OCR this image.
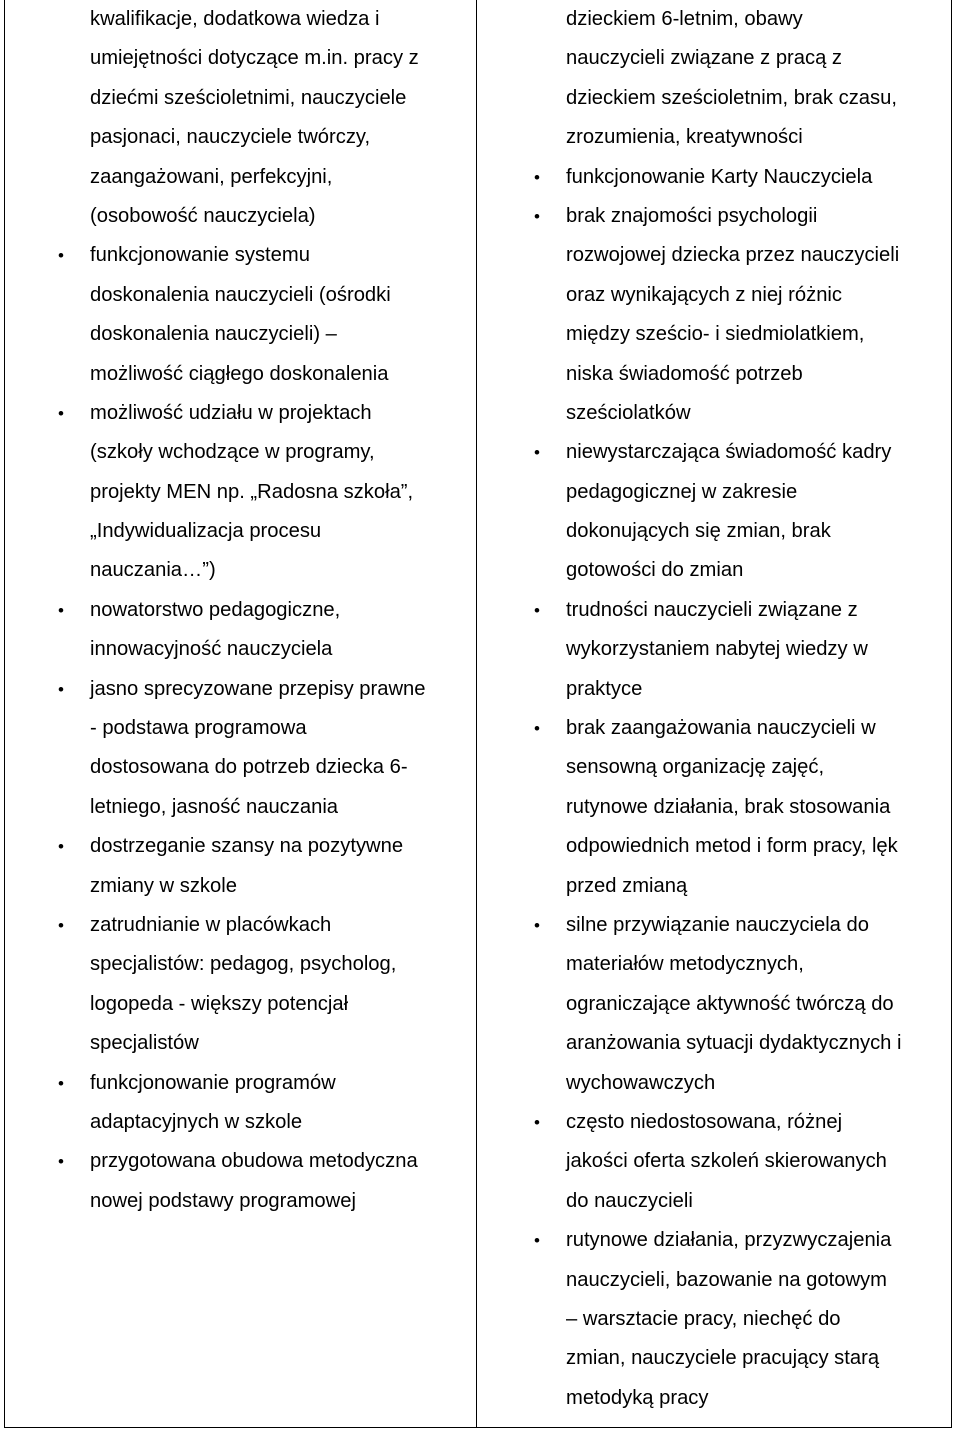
kwalifikacje, dodatkowa wiedza i
umiejętności dotyczące m.in. pracy z
dziećmi sześcioletnimi, nauczyciele
pasjonaci, nauczyciele twórczy,
zaangażowani, perfekcyjni,
(osobowość nauczyciela)
• funkcjonowanie systemu
doskonalenia nauczycieli (ośrodki
doskonalenia nauczycieli) –
możliwość ciągłego doskonalenia
• możliwość udziału w projektach
(szkoły wchodzące w programy,
projekty MEN np. „Radosna szkoła”,
„Indywidualizacja procesu
nauczania…”)
• nowatorstwo pedagogiczne,
innowacyjność nauczyciela
• jasno sprecyzowane przepisy prawne
- podstawa programowa
dostosowana do potrzeb dziecka 6-
letniego, jasność nauczania
• dostrzeganie szansy na pozytywne
zmiany w szkole
• zatrudnianie w placówkach
specjalistów: pedagog, psycholog,
logopeda - większy potencjał
specjalistów
• funkcjonowanie programów
adaptacyjnych w szkole
• przygotowana obudowa metodyczna
nowej podstawy programowej
dzieckiem 6-letnim, obawy
nauczycieli związane z pracą z
dzieckiem sześcioletnim, brak czasu,
zrozumienia, kreatywności
• funkcjonowanie Karty Nauczyciela
• brak znajomości psychologii
rozwojowej dziecka przez nauczycieli
oraz wynikających z niej różnic
między sześcio- i siedmiolatkiem,
niska świadomość potrzeb
sześciolatków
• niewystarczająca świadomość kadry
pedagogicznej w zakresie
dokonujących się zmian, brak
gotowości do zmian
• trudności nauczycieli związane z
wykorzystaniem nabytej wiedzy w
praktyce
• brak zaangażowania nauczycieli w
sensowną organizację zajęć,
rutynowe działania, brak stosowania
odpowiednich metod i form pracy, lęk
przed zmianą
• silne przywiązanie nauczyciela do
materiałów metodycznych,
ograniczające aktywność twórczą do
aranżowania sytuacji dydaktycznych i
wychowawczych
• często niedostosowana, różnej
jakości oferta szkoleń skierowanych
do nauczycieli
• rutynowe działania, przyzwyczajenia
nauczycieli, bazowanie na gotowym
– warsztacie pracy, niechęć do
zmian, nauczyciele pracujący starą
metodyką pracy
